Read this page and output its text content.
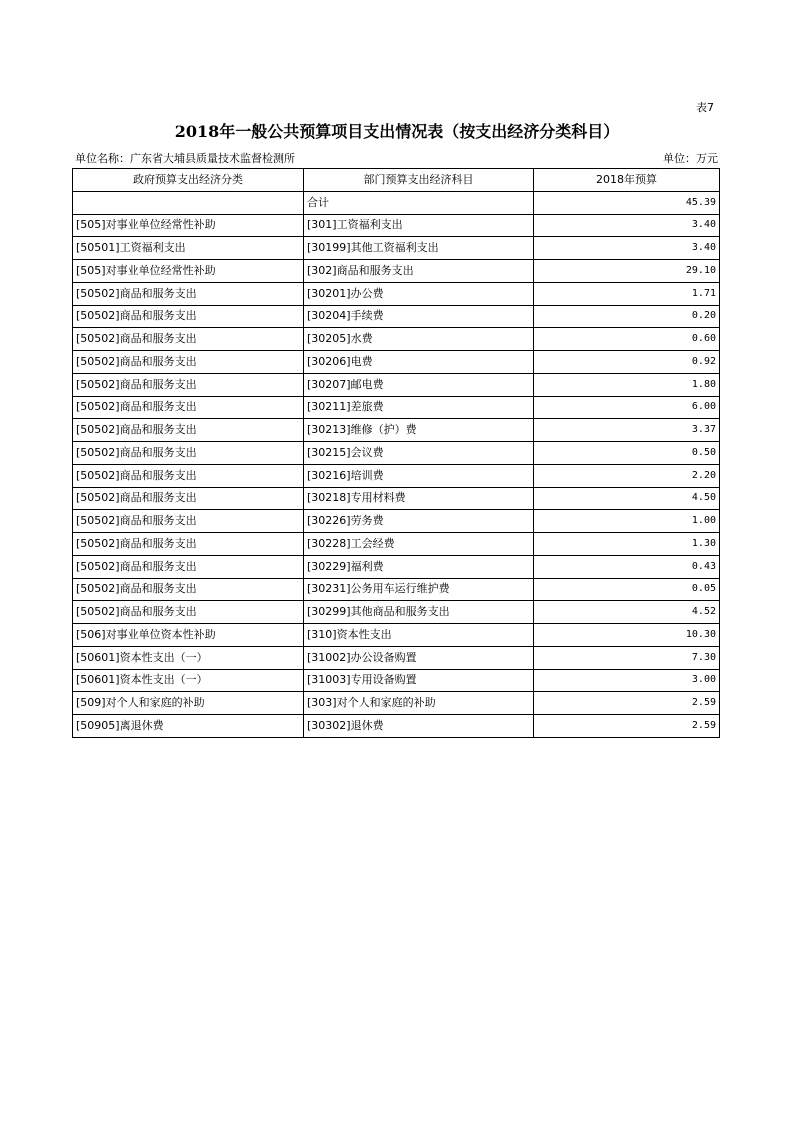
表7
2018年一般公共预算项目支出情况表（按支出经济分类科目）
单位名称：广东省大埔县质量技术监督检测所	单位：万元
政府预算支出经济分类	部门预算支出经济科目	2018年预算
	合计	45.39
[505]对事业单位经常性补助	[301]工资福利支出	3.40
[50501]工资福利支出	[30199]其他工资福利支出	3.40
[505]对事业单位经常性补助	[302]商品和服务支出	29.10
[50502]商品和服务支出	[30201]办公费	1.71
[50502]商品和服务支出	[30204]手续费	0.20
[50502]商品和服务支出	[30205]水费	0.60
[50502]商品和服务支出	[30206]电费	0.92
[50502]商品和服务支出	[30207]邮电费	1.80
[50502]商品和服务支出	[30211]差旅费	6.00
[50502]商品和服务支出	[30213]维修（护）费	3.37
[50502]商品和服务支出	[30215]会议费	0.50
[50502]商品和服务支出	[30216]培训费	2.20
[50502]商品和服务支出	[30218]专用材料费	4.50
[50502]商品和服务支出	[30226]劳务费	1.00
[50502]商品和服务支出	[30228]工会经费	1.30
[50502]商品和服务支出	[30229]福利费	0.43
[50502]商品和服务支出	[30231]公务用车运行维护费	0.05
[50502]商品和服务支出	[30299]其他商品和服务支出	4.52
[506]对事业单位资本性补助	[310]资本性支出	10.30
[50601]资本性支出（一）	[31002]办公设备购置	7.30
[50601]资本性支出（一）	[31003]专用设备购置	3.00
[509]对个人和家庭的补助	[303]对个人和家庭的补助	2.59
[50905]离退休费	[30302]退休费	2.59
